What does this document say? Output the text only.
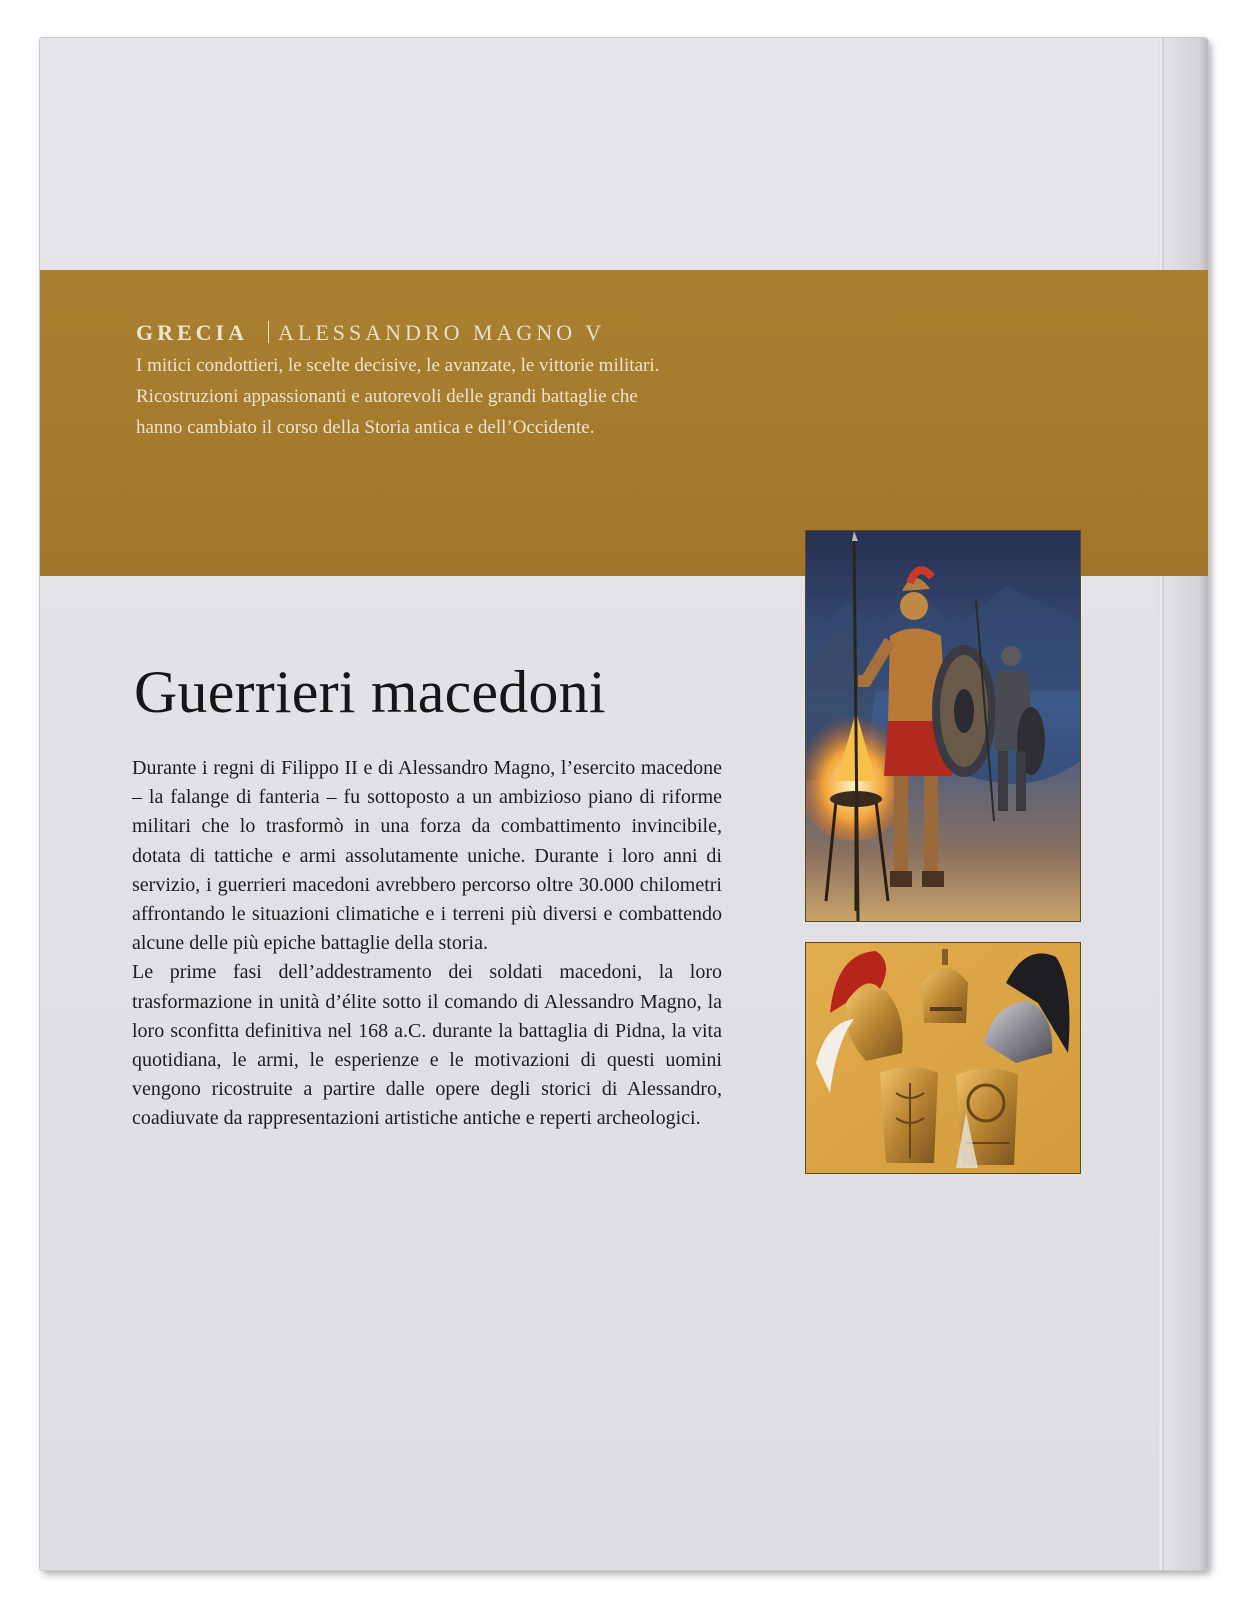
GRECIA ALESSANDRO MAGNO V

I mitici condottieri, le scelte decisive, le avanzate, le vittorie militari.

Ricostruzioni appassionanti e autorevoli delle grandi battaglie che

hanno cambiato il corso della Storia antica e dell’Occidente.

Guerrieri macedoni

Durante i regni di Filippo II e di Alessandro Magno, l’esercito macedone – la falange di fanteria – fu sottoposto a un ambizioso piano di riforme militari che lo trasformò in una forza da combattimento invincibile, dotata di tattiche e armi assolutamente uniche. Durante i loro anni di servizio, i guerrieri macedoni avrebbero percorso oltre 30.000 chilometri affrontando le situazioni climatiche e i terreni più diversi e combattendo alcune delle più epiche battaglie della storia.

Le prime fasi dell’addestramento dei soldati macedoni, la loro trasformazione in unità d’élite sotto il comando di Alessandro Magno, la loro sconfitta definitiva nel 168 a.C. durante la battaglia di Pidna, la vita quotidiana, le armi, le esperienze e le motivazioni di questi uomini vengono ricostruite a partire dalle opere degli storici di Alessandro, coadiuvate da rappresentazioni artistiche antiche e reperti archeologici.
